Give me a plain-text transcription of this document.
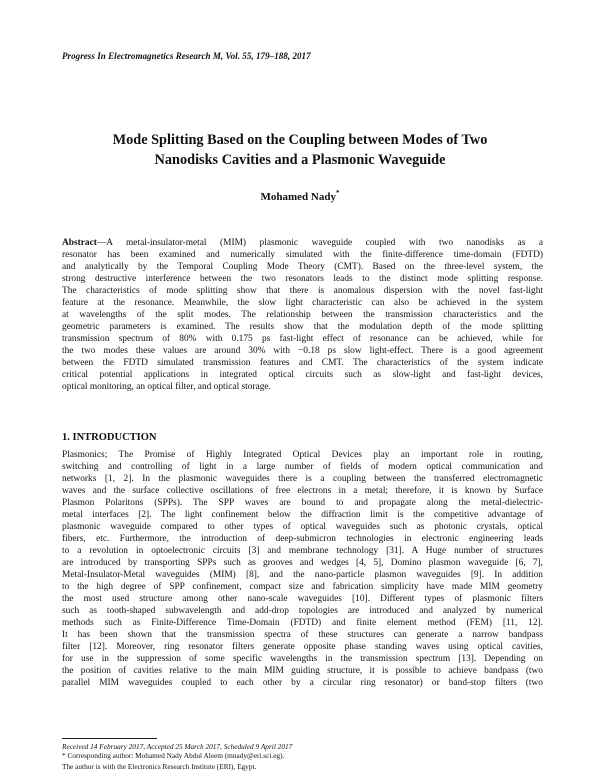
Progress In Electromagnetics Research M, Vol. 55, 179–188, 2017
Mode Splitting Based on the Coupling between Modes of Two
Nanodisks Cavities and a Plasmonic Waveguide
Mohamed Nady*
Abstract—A metal-insulator-metal (MIM) plasmonic waveguide coupled with two nanodisks as a
resonator has been examined and numerically simulated with the finite-difference time-domain (FDTD)
and analytically by the Temporal Coupling Mode Theory (CMT). Based on the three-level system, the
strong destructive interference between the two resonators leads to the distinct mode splitting response.
The characteristics of mode splitting show that there is anomalous dispersion with the novel fast-light
feature at the resonance. Meanwhile, the slow light characteristic can also be achieved in the system
at wavelengths of the split modes. The relationship between the transmission characteristics and the
geometric parameters is examined. The results show that the modulation depth of the mode splitting
transmission spectrum of 80% with 0.175 ps fast-light effect of resonance can be achieved, while for
the two modes these values are around 30% with −0.18 ps slow light-effect. There is a good agreement
between the FDTD simulated transmission features and CMT. The characteristics of the system indicate
critical potential applications in integrated optical circuits such as slow-light and fast-light devices,
optical monitoring, an optical filter, and optical storage.
1. INTRODUCTION
Plasmonics; The Promise of Highly Integrated Optical Devices play an important role in routing,
switching and controlling of light in a large number of fields of modern optical communication and
networks [1, 2]. In the plasmonic waveguides there is a coupling between the transferred electromagnetic
waves and the surface collective oscillations of free electrons in a metal; therefore, it is known by Surface
Plasmon Polaritons (SPPs). The SPP waves are bound to and propagate along the metal-dielectric-
metal interfaces [2]. The light confinement below the diffraction limit is the competitive advantage of
plasmonic waveguide compared to other types of optical waveguides such as photonic crystals, optical
fibers, etc. Furthermore, the introduction of deep-submicron technologies in electronic engineering leads
to a revolution in optoelectronic circuits [3] and membrane technology [31]. A Huge number of structures
are introduced by transporting SPPs such as grooves and wedges [4, 5], Domino plasmon waveguide [6, 7],
Metal-Insulator-Metal waveguides (MIM) [8], and the nano-particle plasmon waveguides [9]. In addition
to the high degree of SPP confinement, compact size and fabrication simplicity have made MIM geometry
the most used structure among other nano-scale waveguides [10]. Different types of plasmonic filters
such as tooth-shaped subwavelength and add-drop topologies are introduced and analyzed by numerical
methods such as Finite-Difference Time-Domain (FDTD) and finite element method (FEM) [11, 12].
It has been shown that the transmission spectra of these structures can generate a narrow bandpass
filter [12]. Moreover, ring resonator filters generate opposite phase standing waves using optical cavities,
for use in the suppression of some specific wavelengths in the transmission spectrum [13]. Depending on
the position of cavities relative to the main MIM guiding structure, it is possible to achieve bandpass (two
parallel MIM waveguides coupled to each other by a circular ring resonator) or band-stop filters (two
Received 14 February 2017, Accepted 25 March 2017, Scheduled 9 April 2017
* Corresponding author: Mohamed Nady Abdul Aleem (mnady@eri.sci.eg).
The author is with the Electronics Research Institute (ERI), Egypt.
